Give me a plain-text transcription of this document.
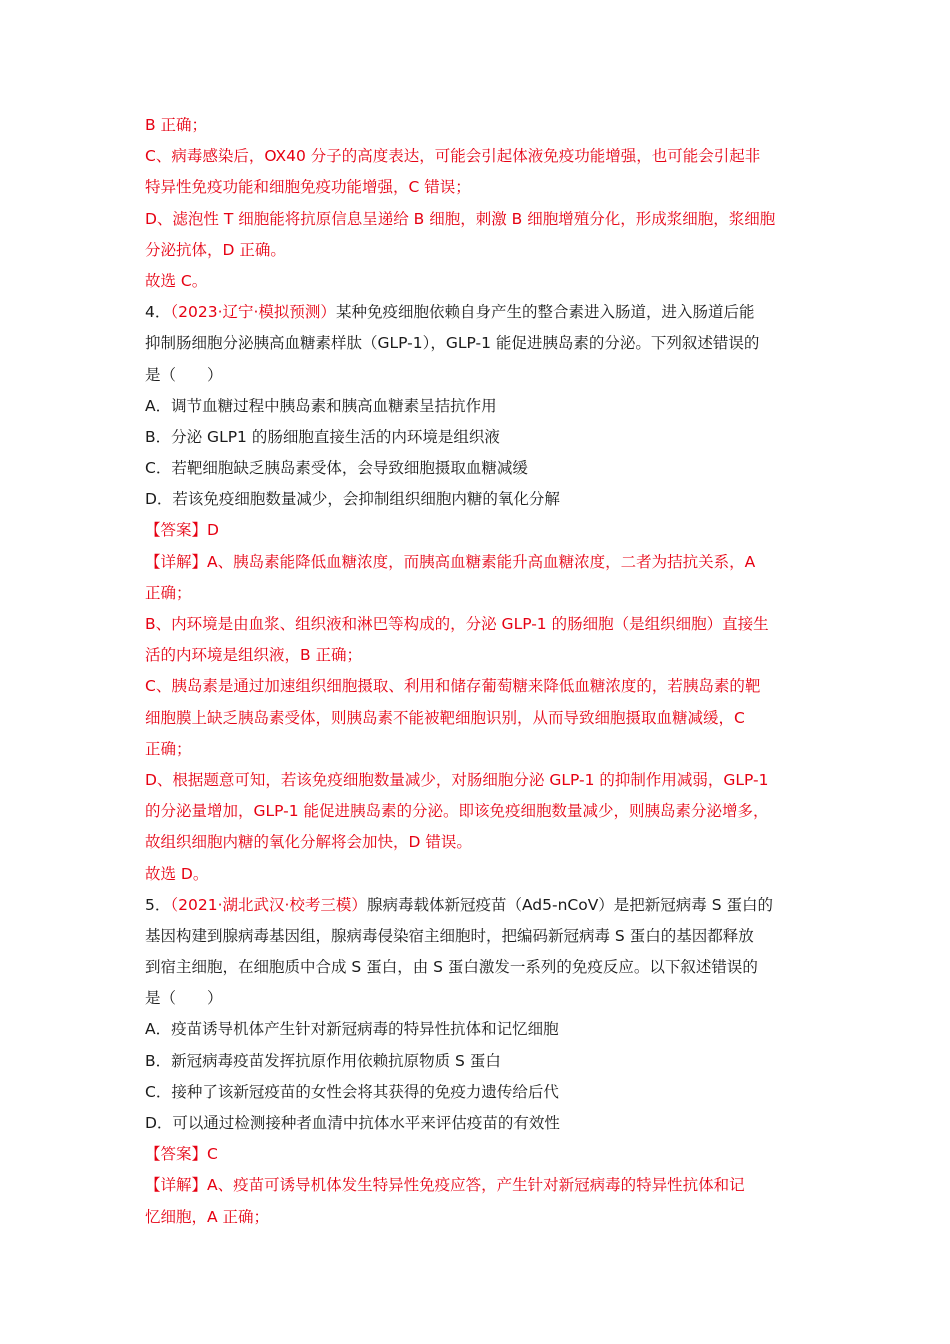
B 正确；
C、病毒感染后，OX40 分子的高度表达，可能会引起体液免疫功能增强，也可能会引起非
特异性免疫功能和细胞免疫功能增强，C 错误；
D、滤泡性 T 细胞能将抗原信息呈递给 B 细胞，刺激 B 细胞增殖分化，形成浆细胞，浆细胞
分泌抗体，D 正确。
故选 C。
4．（2023·辽宁·模拟预测）某种免疫细胞依赖自身产生的整合素进入肠道，进入肠道后能
抑制肠细胞分泌胰高血糖素样肽（GLP-1），GLP-1 能促进胰岛素的分泌。下列叙述错误的
是（　　）
A．调节血糖过程中胰岛素和胰高血糖素呈拮抗作用
B．分泌 GLP1 的肠细胞直接生活的内环境是组织液
C．若靶细胞缺乏胰岛素受体，会导致细胞摄取血糖减缓
D．若该免疫细胞数量减少，会抑制组织细胞内糖的氧化分解
【答案】D
【详解】A、胰岛素能降低血糖浓度，而胰高血糖素能升高血糖浓度，二者为拮抗关系，A
正确；
B、内环境是由血浆、组织液和淋巴等构成的，分泌 GLP-1 的肠细胞（是组织细胞）直接生
活的内环境是组织液，B 正确；
C、胰岛素是通过加速组织细胞摄取、利用和储存葡萄糖来降低血糖浓度的，若胰岛素的靶
细胞膜上缺乏胰岛素受体，则胰岛素不能被靶细胞识别，从而导致细胞摄取血糖减缓，C
正确；
D、根据题意可知，若该免疫细胞数量减少，对肠细胞分泌 GLP-1 的抑制作用减弱，GLP-1
的分泌量增加，GLP-1 能促进胰岛素的分泌。即该免疫细胞数量减少，则胰岛素分泌增多，
故组织细胞内糖的氧化分解将会加快，D 错误。
故选 D。
5．（2021·湖北武汉·校考三模）腺病毒载体新冠疫苗（Ad5-nCoV）是把新冠病毒 S 蛋白的
基因构建到腺病毒基因组，腺病毒侵染宿主细胞时，把编码新冠病毒 S 蛋白的基因都释放
到宿主细胞，在细胞质中合成 S 蛋白，由 S 蛋白激发一系列的免疫反应。以下叙述错误的
是（　　）
A．疫苗诱导机体产生针对新冠病毒的特异性抗体和记忆细胞
B．新冠病毒疫苗发挥抗原作用依赖抗原物质 S 蛋白
C．接种了该新冠疫苗的女性会将其获得的免疫力遗传给后代
D．可以通过检测接种者血清中抗体水平来评估疫苗的有效性
【答案】C
【详解】A、疫苗可诱导机体发生特异性免疫应答，产生针对新冠病毒的特异性抗体和记
忆细胞，A 正确；
